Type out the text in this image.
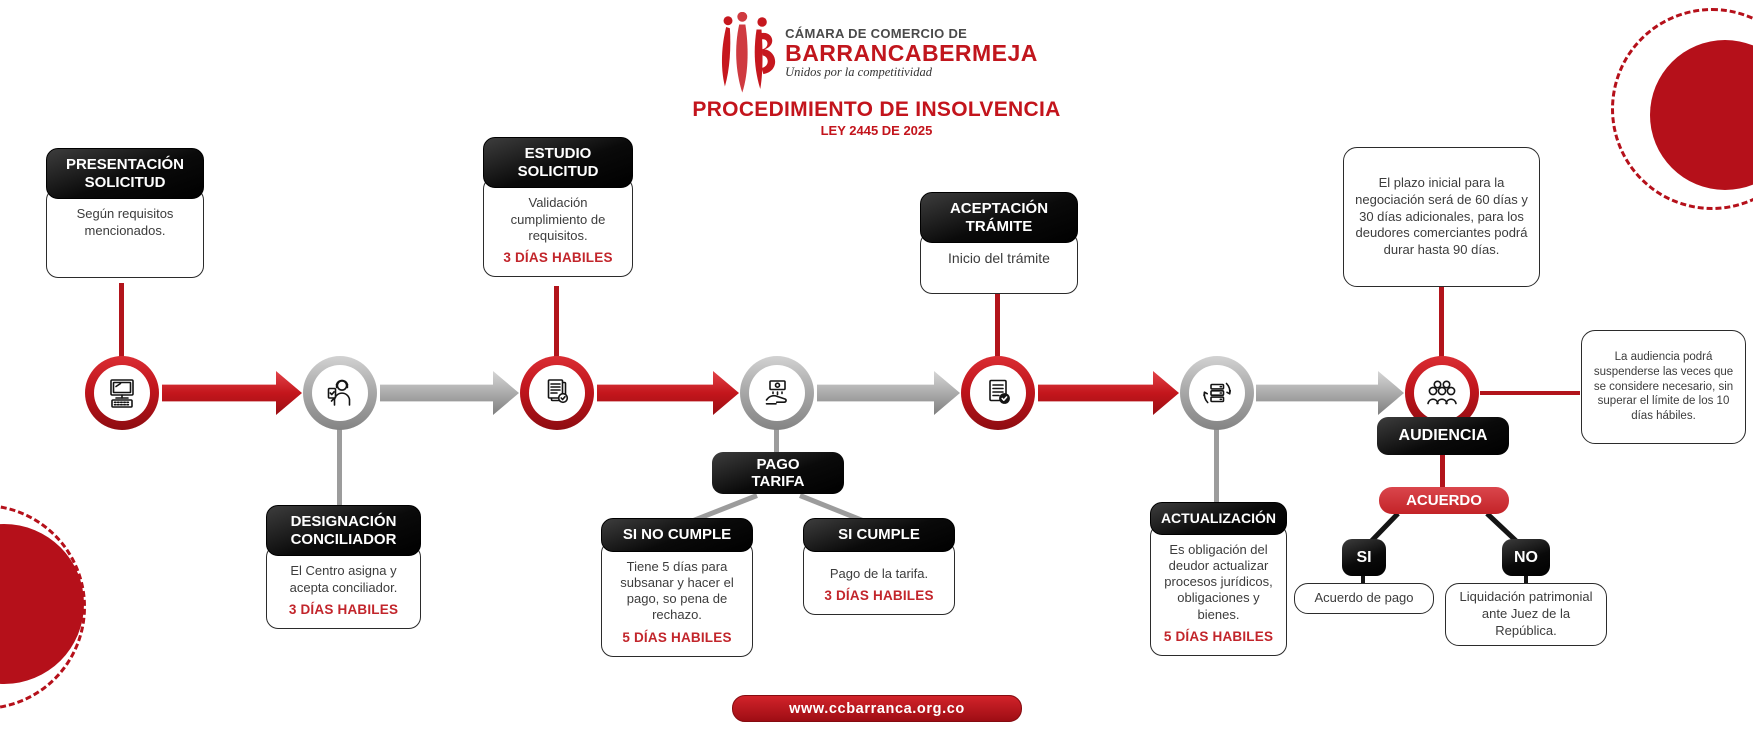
CÁMARA DE COMERCIO DE
BARRANCABERMEJA
Unidos por la competitividad
PROCEDIMIENTO DE INSOLVENCIA
LEY 2445 DE 2025
PRESENTACIÓN SOLICITUD
Según requisitos mencionados.
DESIGNACIÓN CONCILIADOR
El Centro asigna y acepta conciliador.
3 DÍAS HABILES
ESTUDIO SOLICITUD
Validación cumplimiento de requisitos.
3 DÍAS HABILES
PAGO TARIFA
SI NO CUMPLE
Tiene 5 días para subsanar y hacer el pago, so pena de rechazo.
5 DÍAS HABILES
SI CUMPLE
Pago de la tarifa.
3 DÍAS HABILES
ACEPTACIÓN TRÁMITE
Inicio del trámite
ACTUALIZACIÓN
Es obligación del deudor actualizar procesos jurídicos, obligaciones y bienes.
5 DÍAS HABILES
El plazo inicial para la negociación será de 60 días y 30 días adicionales, para los deudores comerciantes podrá durar hasta 90 días.
AUDIENCIA
ACUERDO
SI	NO
Acuerdo de pago	Liquidación patrimonial ante Juez de la República.
La audiencia podrá suspenderse las veces que se considere necesario, sin superar el límite de los 10 días hábiles.
www.ccbarranca.org.co
